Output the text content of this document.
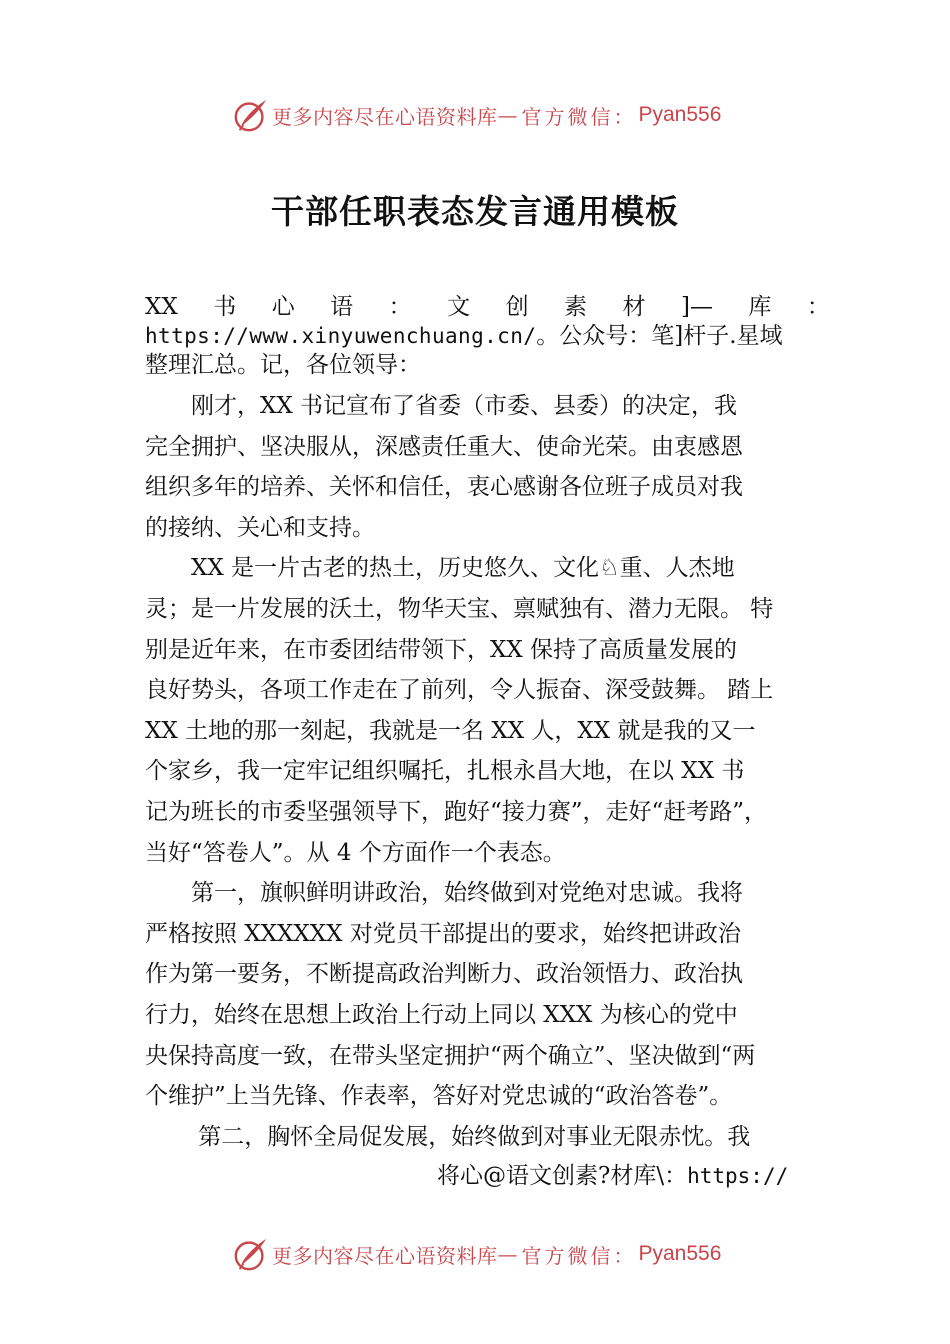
更多内容尽在心语资料库 — 官方微信： Pyan556
干部任职表态发言通用模板
XX 书 心 语 ： 文 创 素 材 ]— 库 ：
https://www.xinyuwenchuang.cn/。公众号：笔]杆子.星域
整理汇总。记，各位领导：
　　刚才，XX 书记宣布了省委（市委、县委）的决定，我
完全拥护、坚决服从，深感责任重大、使命光荣。由衷感恩
组织多年的培养、关怀和信任，衷心感谢各位班子成员对我
的接纳、关心和支持。
　　XX 是一片古老的热土，历史悠久、文化♘重、人杰地
灵；是一片发展的沃土，物华天宝、禀赋独有、潜力无限。 特
别是近年来，在市委团结带领下，XX 保持了高质量发展的
良好势头，各项工作走在了前列，令人振奋、深受鼓舞。 踏上
XX 土地的那一刻起，我就是一名 XX 人，XX 就是我的又一
个家乡，我一定牢记组织嘱托，扎根永昌大地，在以 XX 书
记为班长的市委坚强领导下，跑好“接力赛”，走好“赶考路”，
当好“答卷人”。从 4 个方面作一个表态。
　　第一，旗帜鲜明讲政治，始终做到对党绝对忠诚。我将
严格按照 XXXXXX 对党员干部提出的要求，始终把讲政治
作为第一要务，不断提高政治判断力、政治领悟力、政治执
行力，始终在思想上政治上行动上同以 XXX 为核心的党中
央保持高度一致，在带头坚定拥护“两个确立”、坚决做到“两
个维护”上当先锋、作表率，答好对党忠诚的“政治答卷”。
　　 第二，胸怀全局促发展，始终做到对事业无限赤忱。我
将心@语文创素?材库\：https://
更多内容尽在心语资料库 — 官方微信： Pyan556
